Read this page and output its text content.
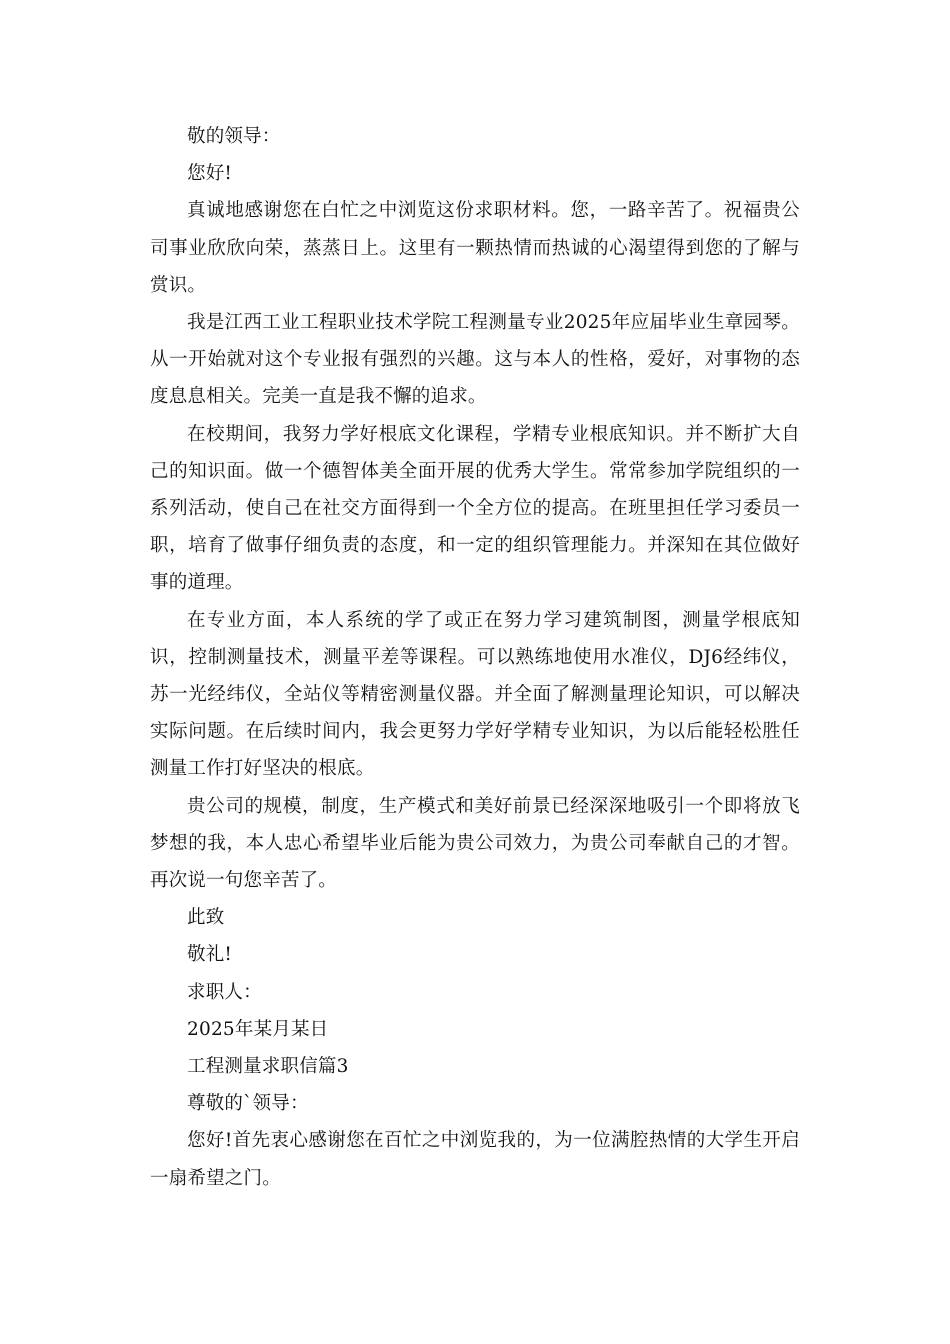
敬的领导：

您好!

真诚地感谢您在白忙之中浏览这份求职材料。您，一路辛苦了。祝福贵公司事业欣欣向荣，蒸蒸日上。这里有一颗热情而热诚的心渴望得到您的了解与赏识。

我是江西工业工程职业技术学院工程测量专业2025年应届毕业生章园琴。从一开始就对这个专业报有强烈的兴趣。这与本人的性格，爱好，对事物的态度息息相关。完美一直是我不懈的追求。

在校期间，我努力学好根底文化课程，学精专业根底知识。并不断扩大自己的知识面。做一个德智体美全面开展的优秀大学生。常常参加学院组织的一系列活动，使自己在社交方面得到一个全方位的提高。在班里担任学习委员一职，培育了做事仔细负责的态度，和一定的组织管理能力。并深知在其位做好事的道理。

在专业方面，本人系统的学了或正在努力学习建筑制图，测量学根底知识，控制测量技术，测量平差等课程。可以熟练地使用水准仪，DJ6经纬仪，苏一光经纬仪，全站仪等精密测量仪器。并全面了解测量理论知识，可以解决实际问题。在后续时间内，我会更努力学好学精专业知识，为以后能轻松胜任测量工作打好坚决的根底。

贵公司的规模，制度，生产模式和美好前景已经深深地吸引一个即将放飞梦想的我，本人忠心希望毕业后能为贵公司效力，为贵公司奉献自己的才智。再次说一句您辛苦了。

此致

敬礼!

求职人：

2025年某月某日

工程测量求职信篇3

尊敬的`领导：

您好!首先衷心感谢您在百忙之中浏览我的，为一位满腔热情的大学生开启一扇希望之门。
